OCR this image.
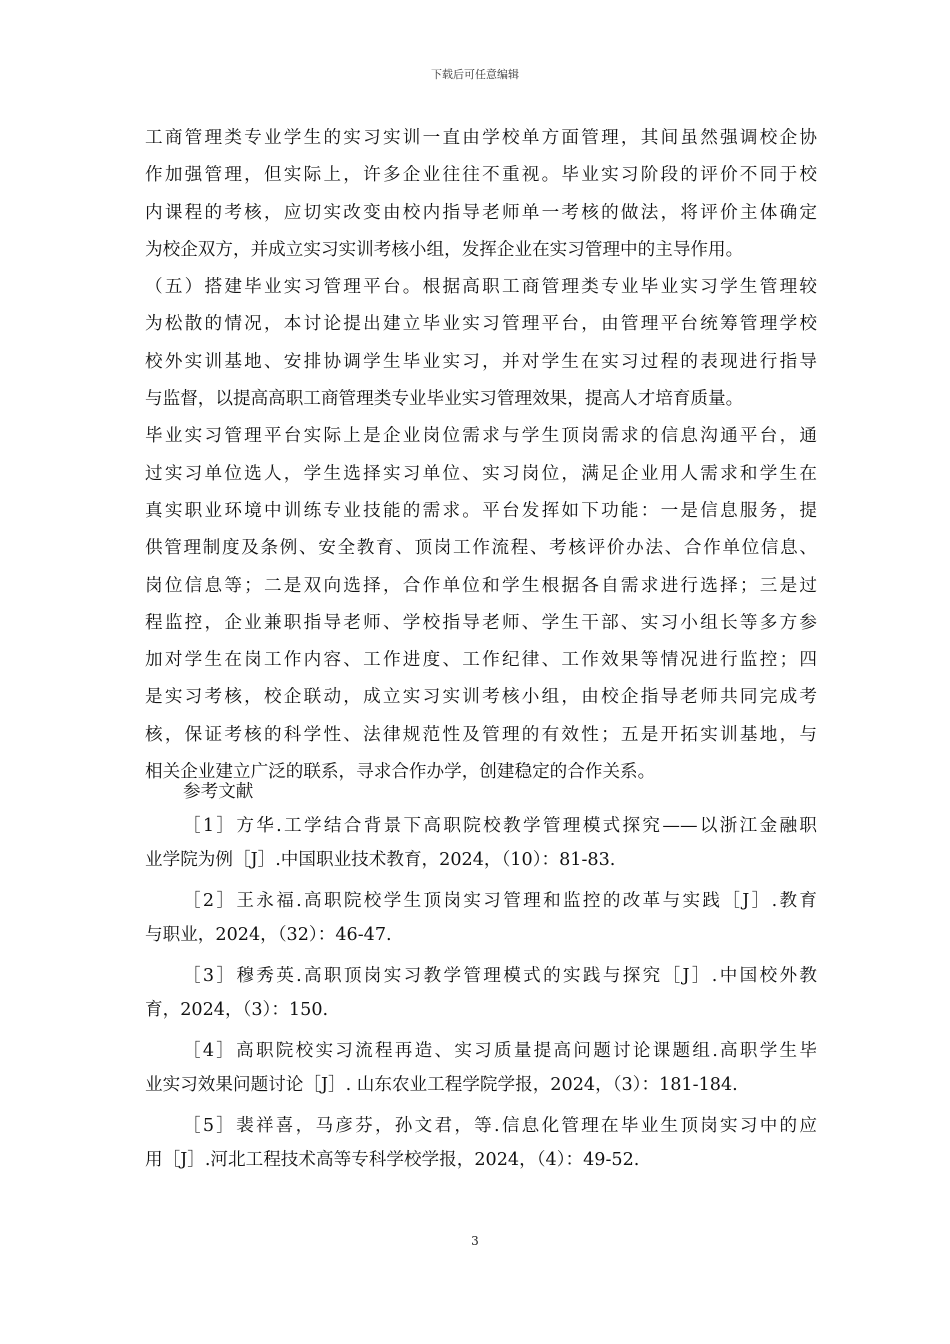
下载后可任意编辑
工商管理类专业学生的实习实训一直由学校单方面管理，其间虽然强调校企协
作加强管理，但实际上，许多企业往往不重视。毕业实习阶段的评价不同于校
内课程的考核，应切实改变由校内指导老师单一考核的做法，将评价主体确定
为校企双方，并成立实习实训考核小组，发挥企业在实习管理中的主导作用。
（五）搭建毕业实习管理平台。根据高职工商管理类专业毕业实习学生管理较
为松散的情况，本讨论提出建立毕业实习管理平台，由管理平台统筹管理学校
校外实训基地、安排协调学生毕业实习，并对学生在实习过程的表现进行指导
与监督，以提高高职工商管理类专业毕业实习管理效果，提高人才培育质量。
毕业实习管理平台实际上是企业岗位需求与学生顶岗需求的信息沟通平台，通
过实习单位选人，学生选择实习单位、实习岗位，满足企业用人需求和学生在
真实职业环境中训练专业技能的需求。平台发挥如下功能：一是信息服务，提
供管理制度及条例、安全教育、顶岗工作流程、考核评价办法、合作单位信息、
岗位信息等；二是双向选择，合作单位和学生根据各自需求进行选择；三是过
程监控，企业兼职指导老师、学校指导老师、学生干部、实习小组长等多方参
加对学生在岗工作内容、工作进度、工作纪律、工作效果等情况进行监控；四
是实习考核，校企联动，成立实习实训考核小组，由校企指导老师共同完成考
核，保证考核的科学性、法律规范性及管理的有效性；五是开拓实训基地，与
相关企业建立广泛的联系，寻求合作办学，创建稳定的合作关系。
参考文献
［1］方华.工学结合背景下高职院校教学管理模式探究——以浙江金融职
业学院为例［J］.中国职业技术教育，2024，（10）：81-83.
［2］王永福.高职院校学生顶岗实习管理和监控的改革与实践［J］.教育
与职业，2024，（32）：46-47.
［3］穆秀英.高职顶岗实习教学管理模式的实践与探究［J］.中国校外教
育，2024，（3）：150.
［4］高职院校实习流程再造、实习质量提高问题讨论课题组.高职学生毕
业实习效果问题讨论［J］. 山东农业工程学院学报，2024，（3）：181-184.
［5］裴祥喜，马彦芬，孙文君，等.信息化管理在毕业生顶岗实习中的应
用［J］.河北工程技术高等专科学校学报，2024，（4）：49-52.
3
